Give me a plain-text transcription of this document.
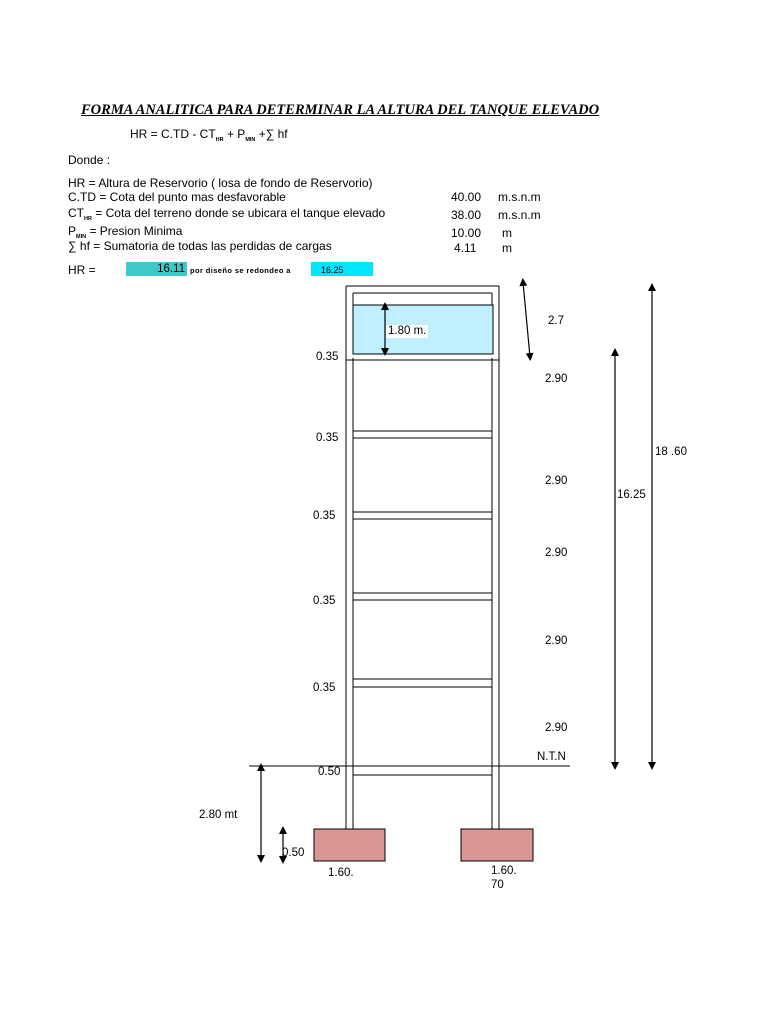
FORMA ANALITICA PARA DETERMINAR LA ALTURA DEL TANQUE ELEVADO
HR = $C.TD - CT_{HR} + P_{MIN}$ +∑ hf
Donde :
HR = Altura de Reservorio ( losa de fondo de Reservorio)
C.TD = Cota del punto mas desfavorable	40.00 m.s.n.m
$CT_{HR}$ = Cota del terreno donde se ubicara el tanque elevado	38.00 m.s.n.m
$P_{MIN}$ = Presion Minima	10.00 m
∑ hf = Sumatoria de todas las perdidas de cargas	4.11 m
HR =	16.11 por diseño se redondeo a	16.25
1.80 m.
2.7
0.35
0.35
0.35
0.35
0.35
0.50
2.90
2.90
2.90
2.90
2.90
18 .60
16.25
N.T.N
2.80 mt
0.50
1.60.	1.60.
70
